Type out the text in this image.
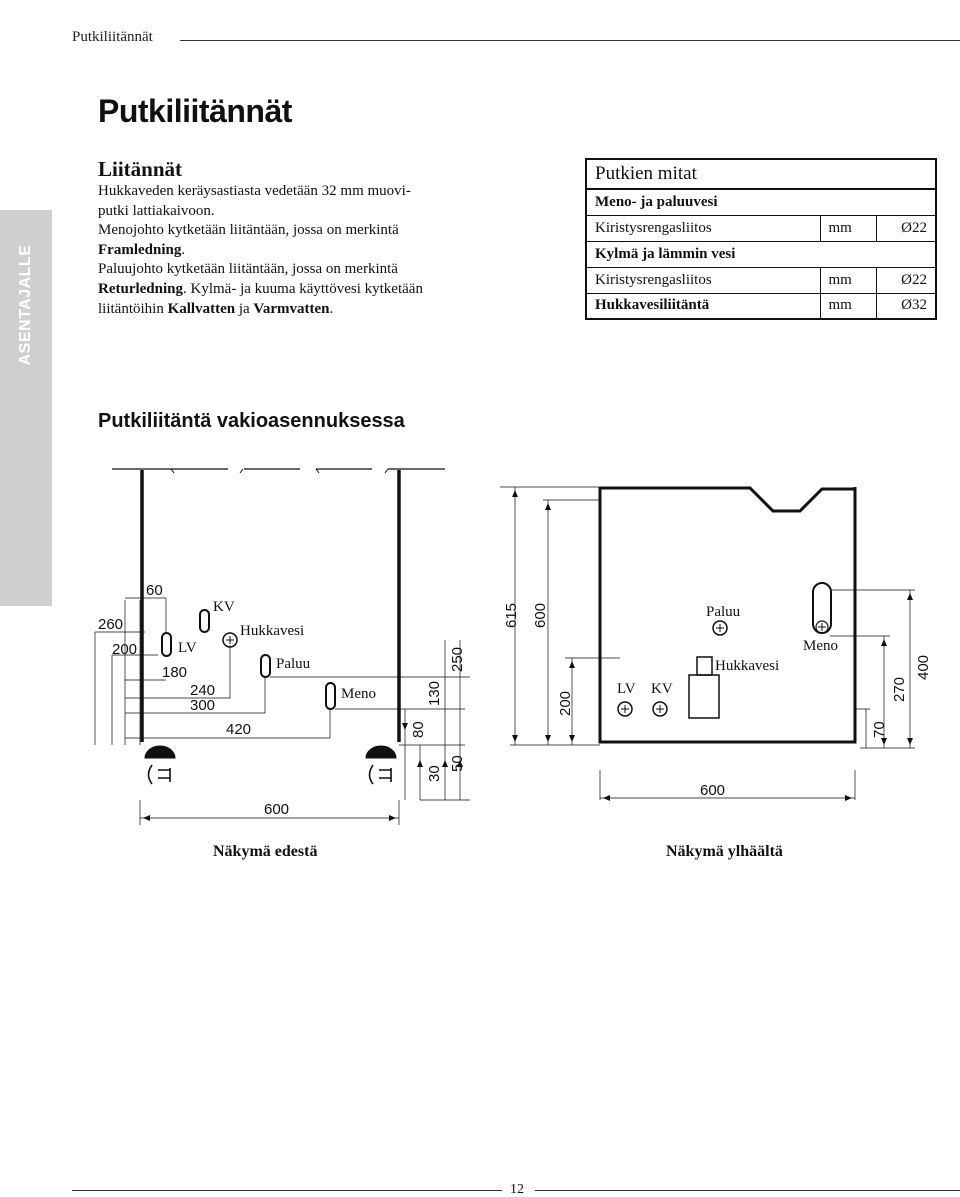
Putkiliitännät
ASENTAJALLE
Putkiliitännät
Liitännät

Hukkaveden keräysastiasta vedetään 32 mm muovi-

putki lattiakaivoon.

Menojohto kytketään liitäntään, jossa on merkintä

Framledning.

Paluujohto kytketään liitäntään, jossa on merkintä

Returledning. Kylmä- ja kuuma käyttövesi kytketään

liitäntöihin Kallvatten ja Varmvatten.

Putkien mitat		
Meno- ja paluuvesi		
Kiristysrengasliitos	mm	Ø22
Kylmä ja lämmin vesi		
Kiristysrengasliitos	mm	Ø22
Hukkavesiliitäntä	mm	Ø32
Putkiliitäntä vakioasennuksessa
KV
LV
Hukkavesi
Paluu
Meno
60
260
200
180
240
300
420
600
80
130
250
30
50
Paluu
Hukkavesi
Meno
LV KV
615 600
200
70
270
400
600
Näkymä edestä	Näkymä ylhäältä
12
